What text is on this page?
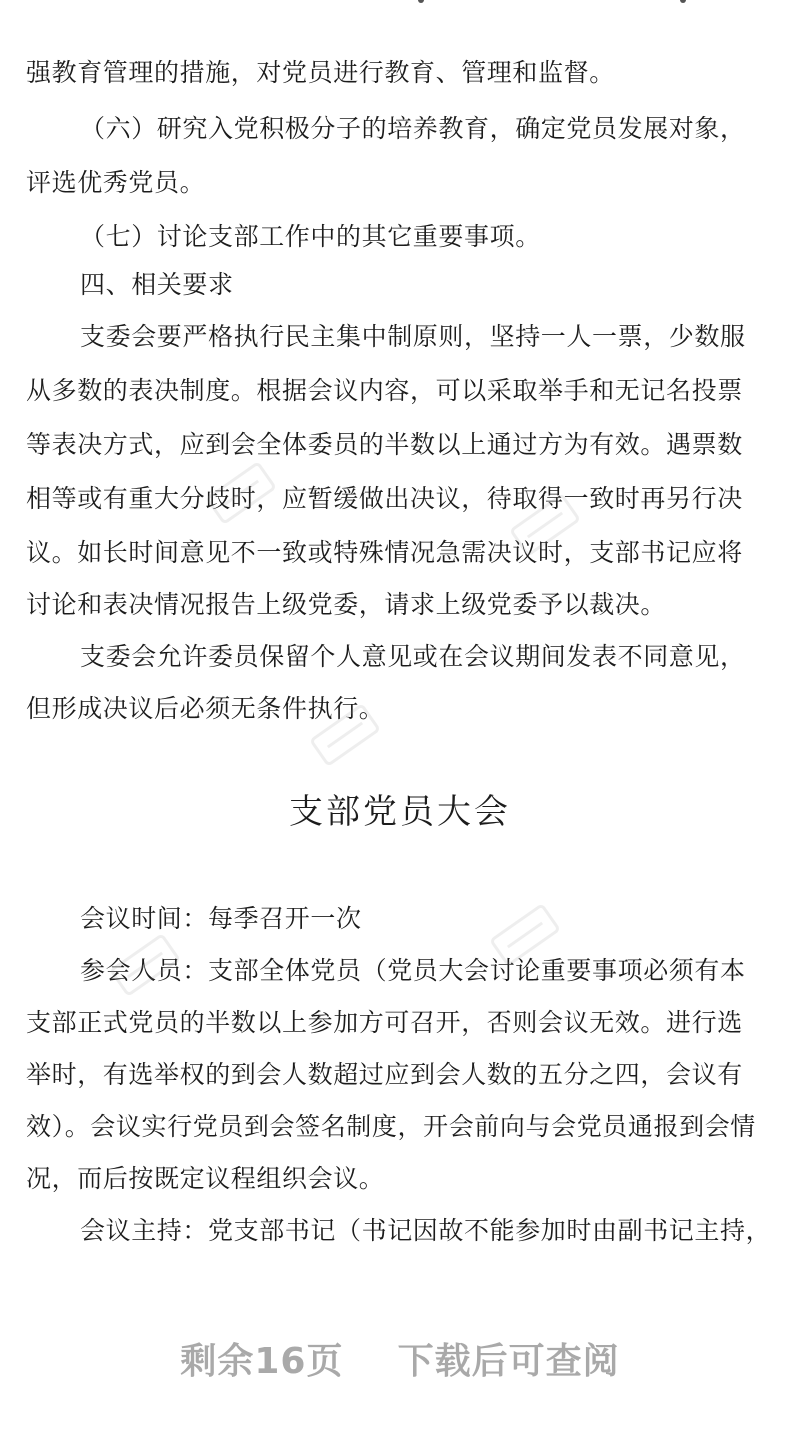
强教育管理的措施，对党员进行教育、管理和监督。
（六）研究入党积极分子的培养教育，确定党员发展对象，
评选优秀党员。
（七）讨论支部工作中的其它重要事项。
四、相关要求
支委会要严格执行民主集中制原则，坚持一人一票，少数服
从多数的表决制度。根据会议内容，可以采取举手和无记名投票
等表决方式，应到会全体委员的半数以上通过方为有效。遇票数
相等或有重大分歧时，应暂缓做出决议，待取得一致时再另行决
议。如长时间意见不一致或特殊情况急需决议时，支部书记应将
讨论和表决情况报告上级党委，请求上级党委予以裁决。
支委会允许委员保留个人意见或在会议期间发表不同意见，
但形成决议后必须无条件执行。
支部党员大会
会议时间：每季召开一次
参会人员：支部全体党员（党员大会讨论重要事项必须有本
支部正式党员的半数以上参加方可召开，否则会议无效。进行选
举时，有选举权的到会人数超过应到会人数的五分之四，会议有
效）。会议实行党员到会签名制度，开会前向与会党员通报到会情
况，而后按既定议程组织会议。
会议主持：党支部书记（书记因故不能参加时由副书记主持，
剩余16页    下载后可查阅
